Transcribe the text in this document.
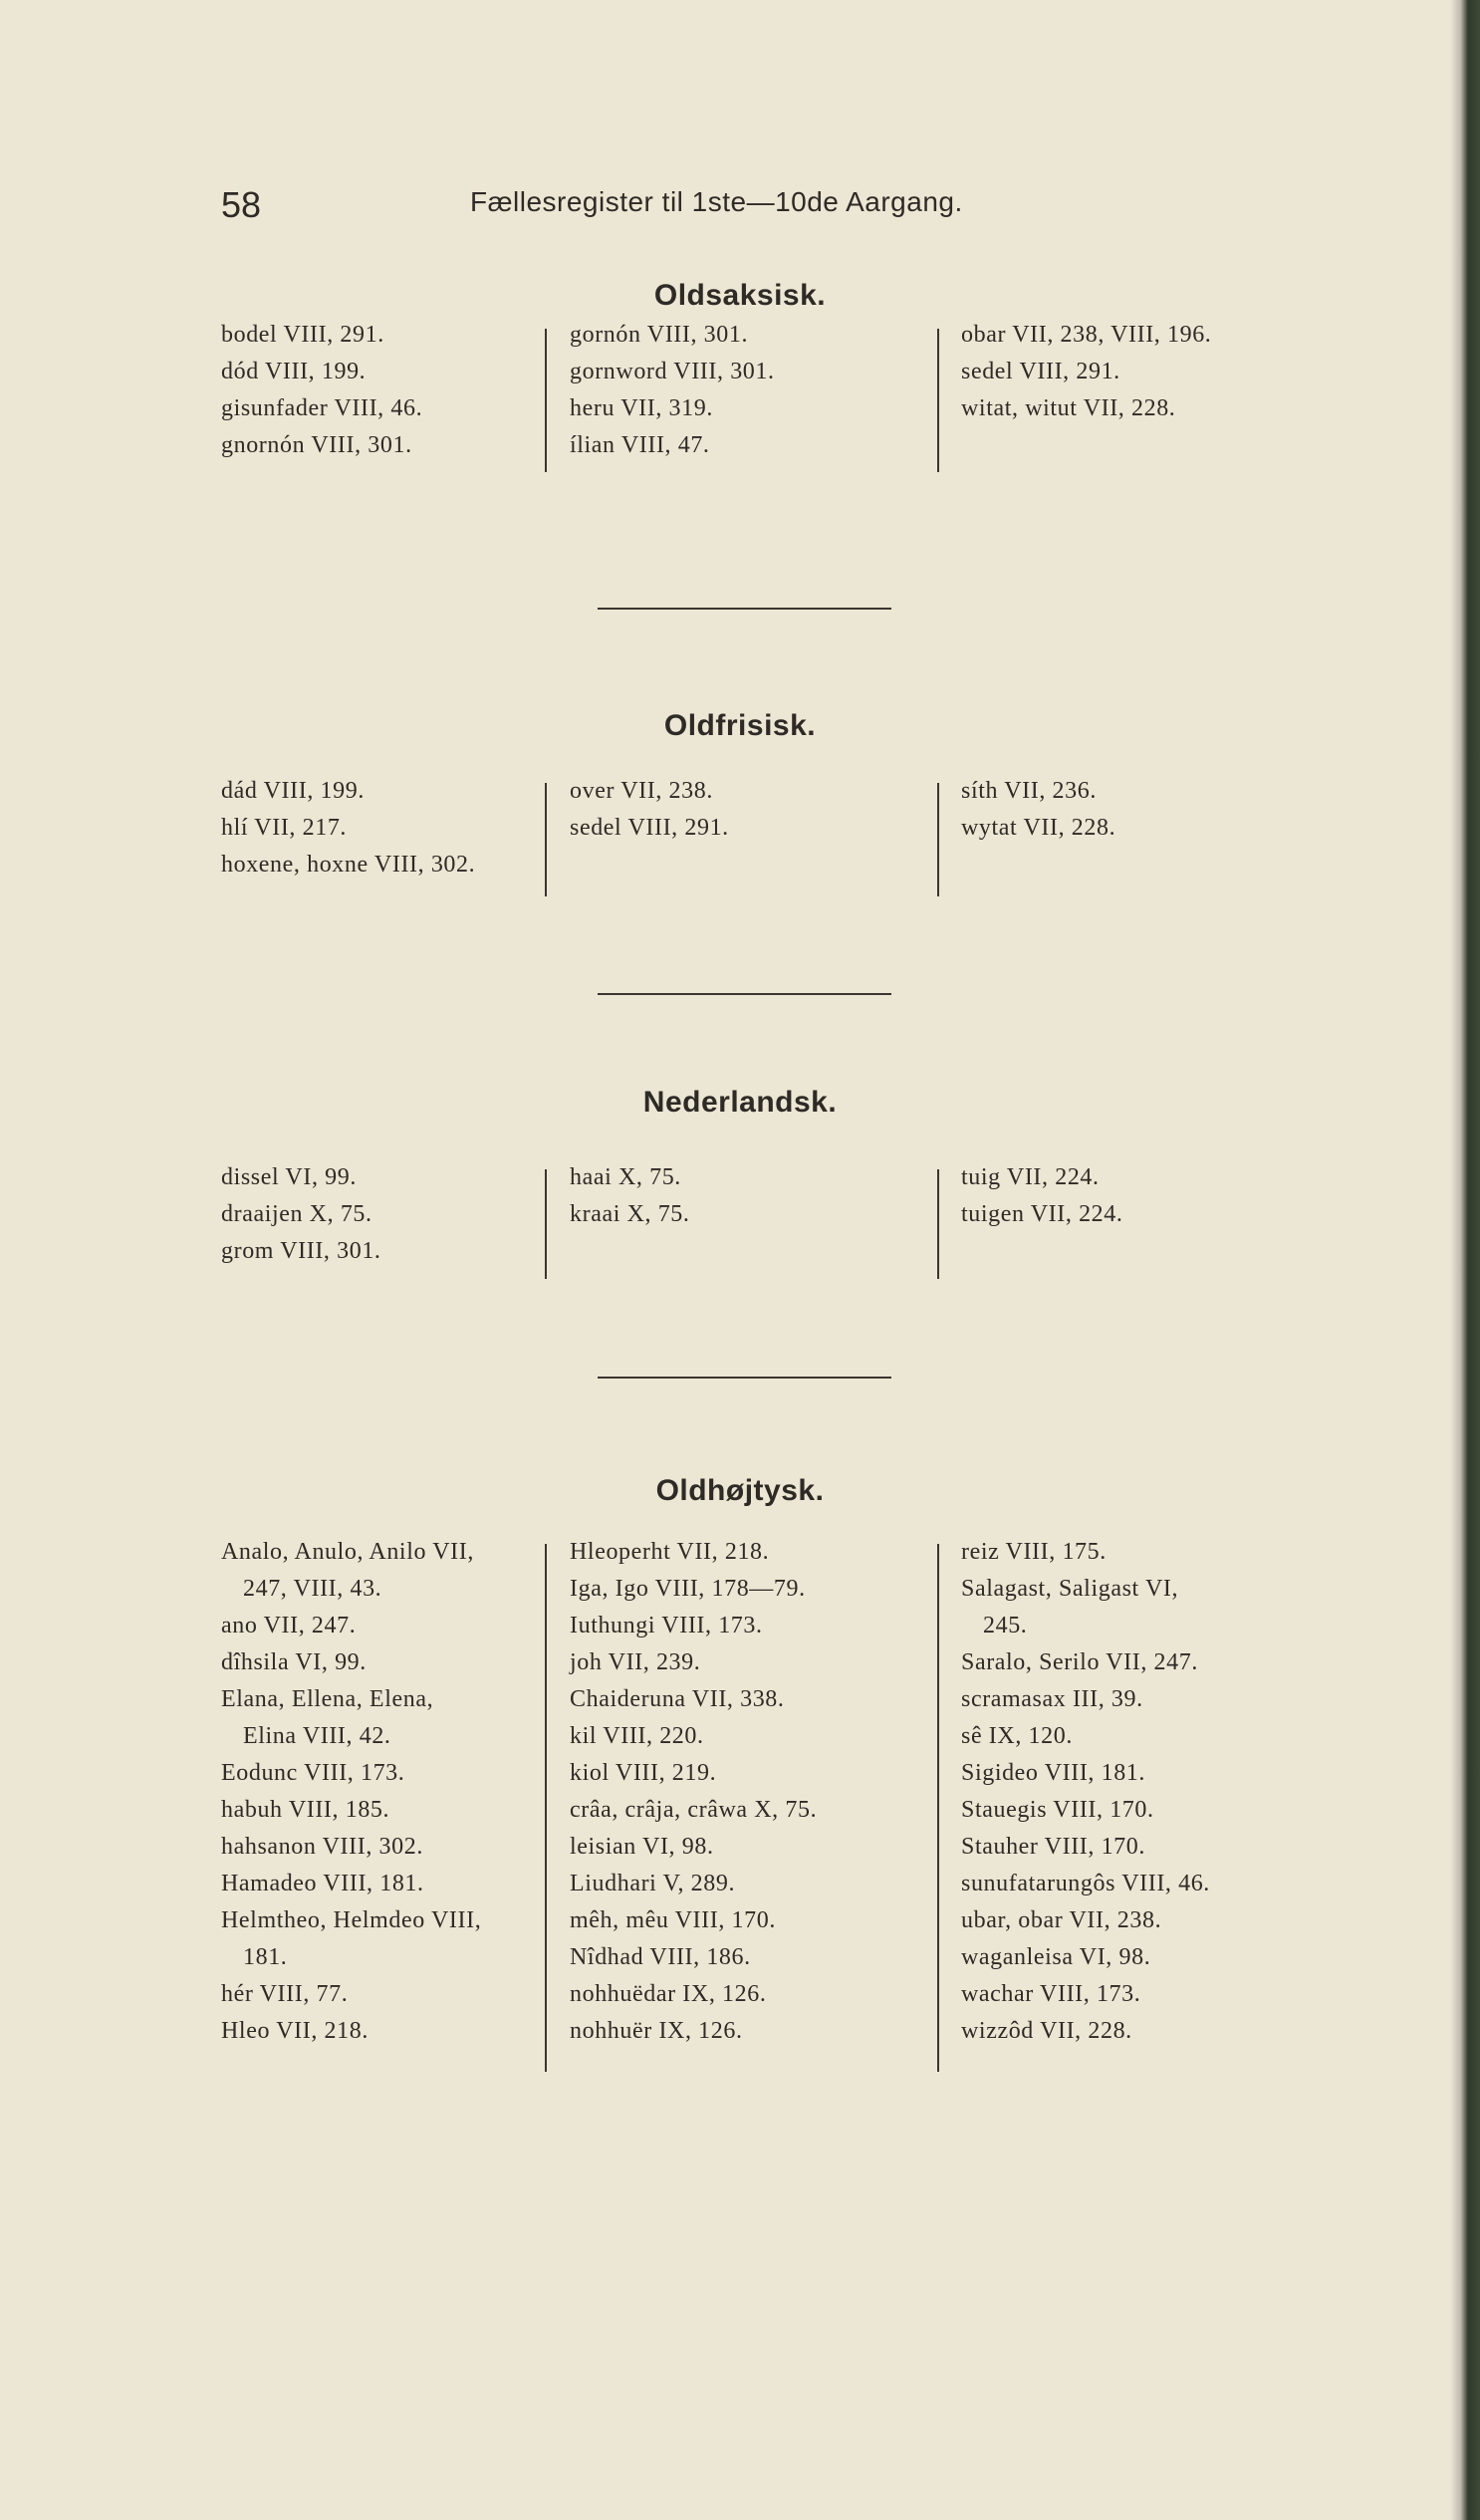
58	Fællesregister til 1ste—10de Aargang.
Oldsaksisk.
bodel VIII, 291.
dód VIII, 199.
gisunfader VIII, 46.
gnornón VIII, 301.
gornón VIII, 301.
gornword VIII, 301.
heru VII, 319.
ílian VIII, 47.
obar VII, 238, VIII, 196.
sedel VIII, 291.
witat, witut VII, 228.
Oldfrisisk.
dád VIII, 199.
hlí VII, 217.
hoxene, hoxne VIII, 302.
over VII, 238.
sedel VIII, 291.
síth VII, 236.
wytat VII, 228.
Nederlandsk.
dissel VI, 99.
draaijen X, 75.
grom VIII, 301.
haai X, 75.
kraai X, 75.
tuig VII, 224.
tuigen VII, 224.
Oldhøjtysk.
Analo, Anulo, Anilo VII,
247, VIII, 43.
ano VII, 247.
dîhsila VI, 99.
Elana, Ellena, Elena,
Elina VIII, 42.
Eodunc VIII, 173.
habuh VIII, 185.
hahsanon VIII, 302.
Hamadeo VIII, 181.
Helmtheo, Helmdeo VIII,
181.
hér VIII, 77.
Hleo VII, 218.
Hleoperht VII, 218.
Iga, Igo VIII, 178—79.
Iuthungi VIII, 173.
joh VII, 239.
Chaideruna VII, 338.
kil VIII, 220.
kiol VIII, 219.
crâa, crâja, crâwa X, 75.
leisian VI, 98.
Liudhari V, 289.
mêh, mêu VIII, 170.
Nîdhad VIII, 186.
nohhuëdar IX, 126.
nohhuër IX, 126.
reiz VIII, 175.
Salagast, Saligast VI,
245.
Saralo, Serilo VII, 247.
scramasax III, 39.
sê IX, 120.
Sigideo VIII, 181.
Stauegis VIII, 170.
Stauher VIII, 170.
sunufatarungôs VIII, 46.
ubar, obar VII, 238.
waganleisa VI, 98.
wachar VIII, 173.
wizzôd VII, 228.
